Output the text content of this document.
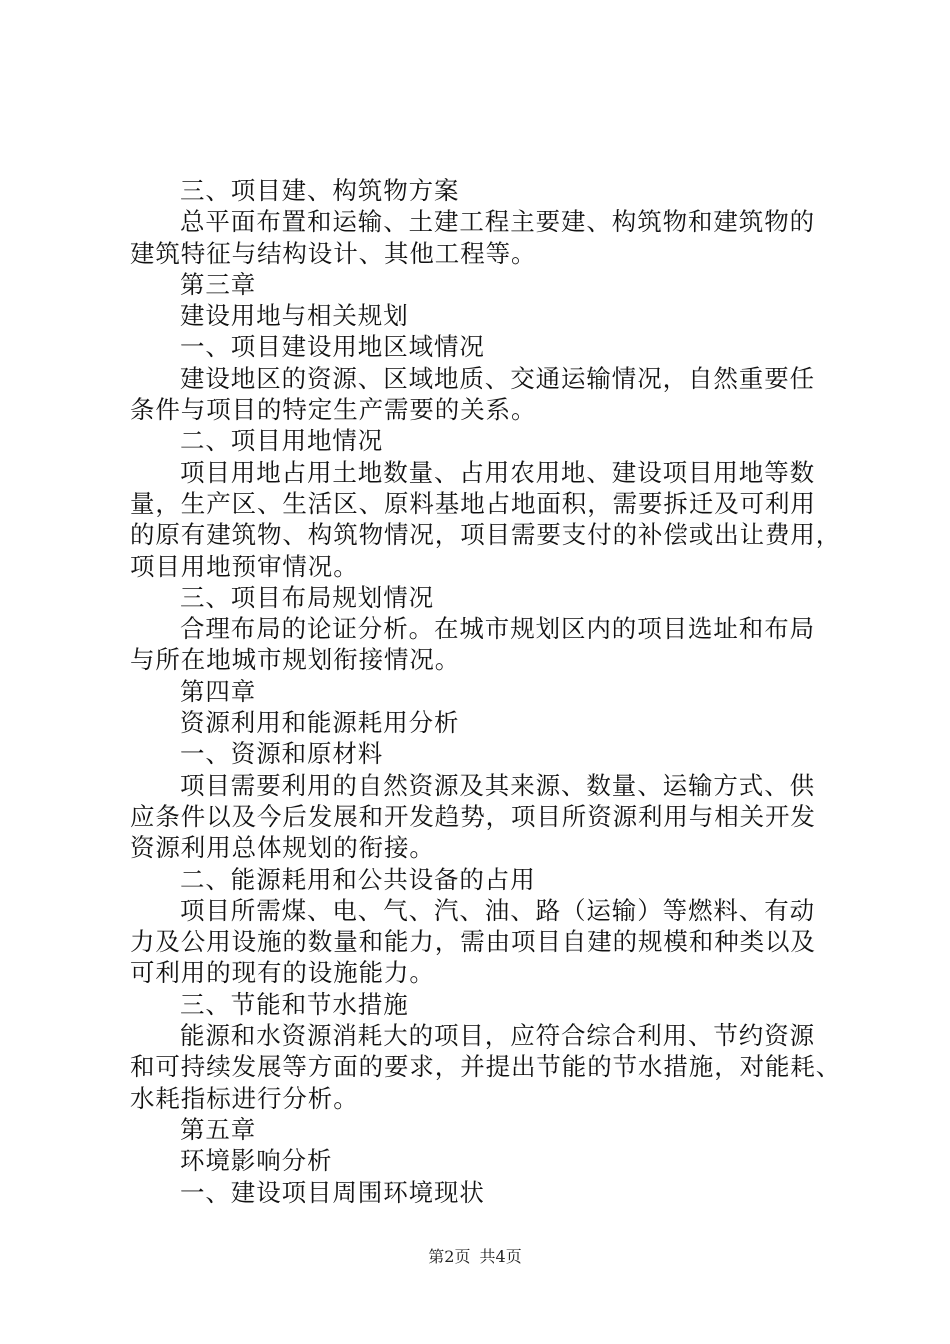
三、项目建、构筑物方案
总平面布置和运输、土建工程主要建、构筑物和建筑物的
建筑特征与结构设计、其他工程等。
第三章
建设用地与相关规划
一、项目建设用地区域情况
建设地区的资源、区域地质、交通运输情况，自然重要任
条件与项目的特定生产需要的关系。
二、项目用地情况
项目用地占用土地数量、占用农用地、建设项目用地等数
量，生产区、生活区、原料基地占地面积，需要拆迁及可利用
的原有建筑物、构筑物情况，项目需要支付的补偿或出让费用，
项目用地预审情况。
三、项目布局规划情况
合理布局的论证分析。在城市规划区内的项目选址和布局
与所在地城市规划衔接情况。
第四章
资源利用和能源耗用分析
一、资源和原材料
项目需要利用的自然资源及其来源、数量、运输方式、供
应条件以及今后发展和开发趋势，项目所资源利用与相关开发
资源利用总体规划的衔接。
二、能源耗用和公共设备的占用
项目所需煤、电、气、汽、油、路（运输）等燃料、有动
力及公用设施的数量和能力，需由项目自建的规模和种类以及
可利用的现有的设施能力。
三、节能和节水措施
能源和水资源消耗大的项目，应符合综合利用、节约资源
和可持续发展等方面的要求，并提出节能的节水措施，对能耗、
水耗指标进行分析。
第五章
环境影响分析
一、建设项目周围环境现状
第2页 共4页
